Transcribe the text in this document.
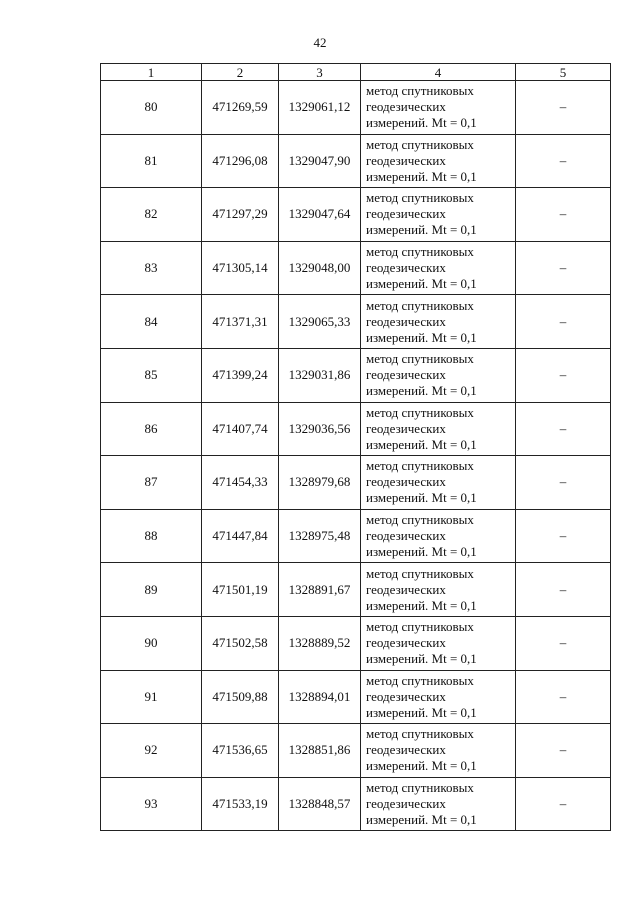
42
1	2	3	4	5
80	471269,59	1329061,12	метод спутниковых
геодезических
измерений. Mt = 0,1	–
81	471296,08	1329047,90	метод спутниковых
геодезических
измерений. Mt = 0,1	–
82	471297,29	1329047,64	метод спутниковых
геодезических
измерений. Mt = 0,1	–
83	471305,14	1329048,00	метод спутниковых
геодезических
измерений. Mt = 0,1	–
84	471371,31	1329065,33	метод спутниковых
геодезических
измерений. Mt = 0,1	–
85	471399,24	1329031,86	метод спутниковых
геодезических
измерений. Mt = 0,1	–
86	471407,74	1329036,56	метод спутниковых
геодезических
измерений. Mt = 0,1	–
87	471454,33	1328979,68	метод спутниковых
геодезических
измерений. Mt = 0,1	–
88	471447,84	1328975,48	метод спутниковых
геодезических
измерений. Mt = 0,1	–
89	471501,19	1328891,67	метод спутниковых
геодезических
измерений. Mt = 0,1	–
90	471502,58	1328889,52	метод спутниковых
геодезических
измерений. Mt = 0,1	–
91	471509,88	1328894,01	метод спутниковых
геодезических
измерений. Mt = 0,1	–
92	471536,65	1328851,86	метод спутниковых
геодезических
измерений. Mt = 0,1	–
93	471533,19	1328848,57	метод спутниковых
геодезических
измерений. Mt = 0,1	–
